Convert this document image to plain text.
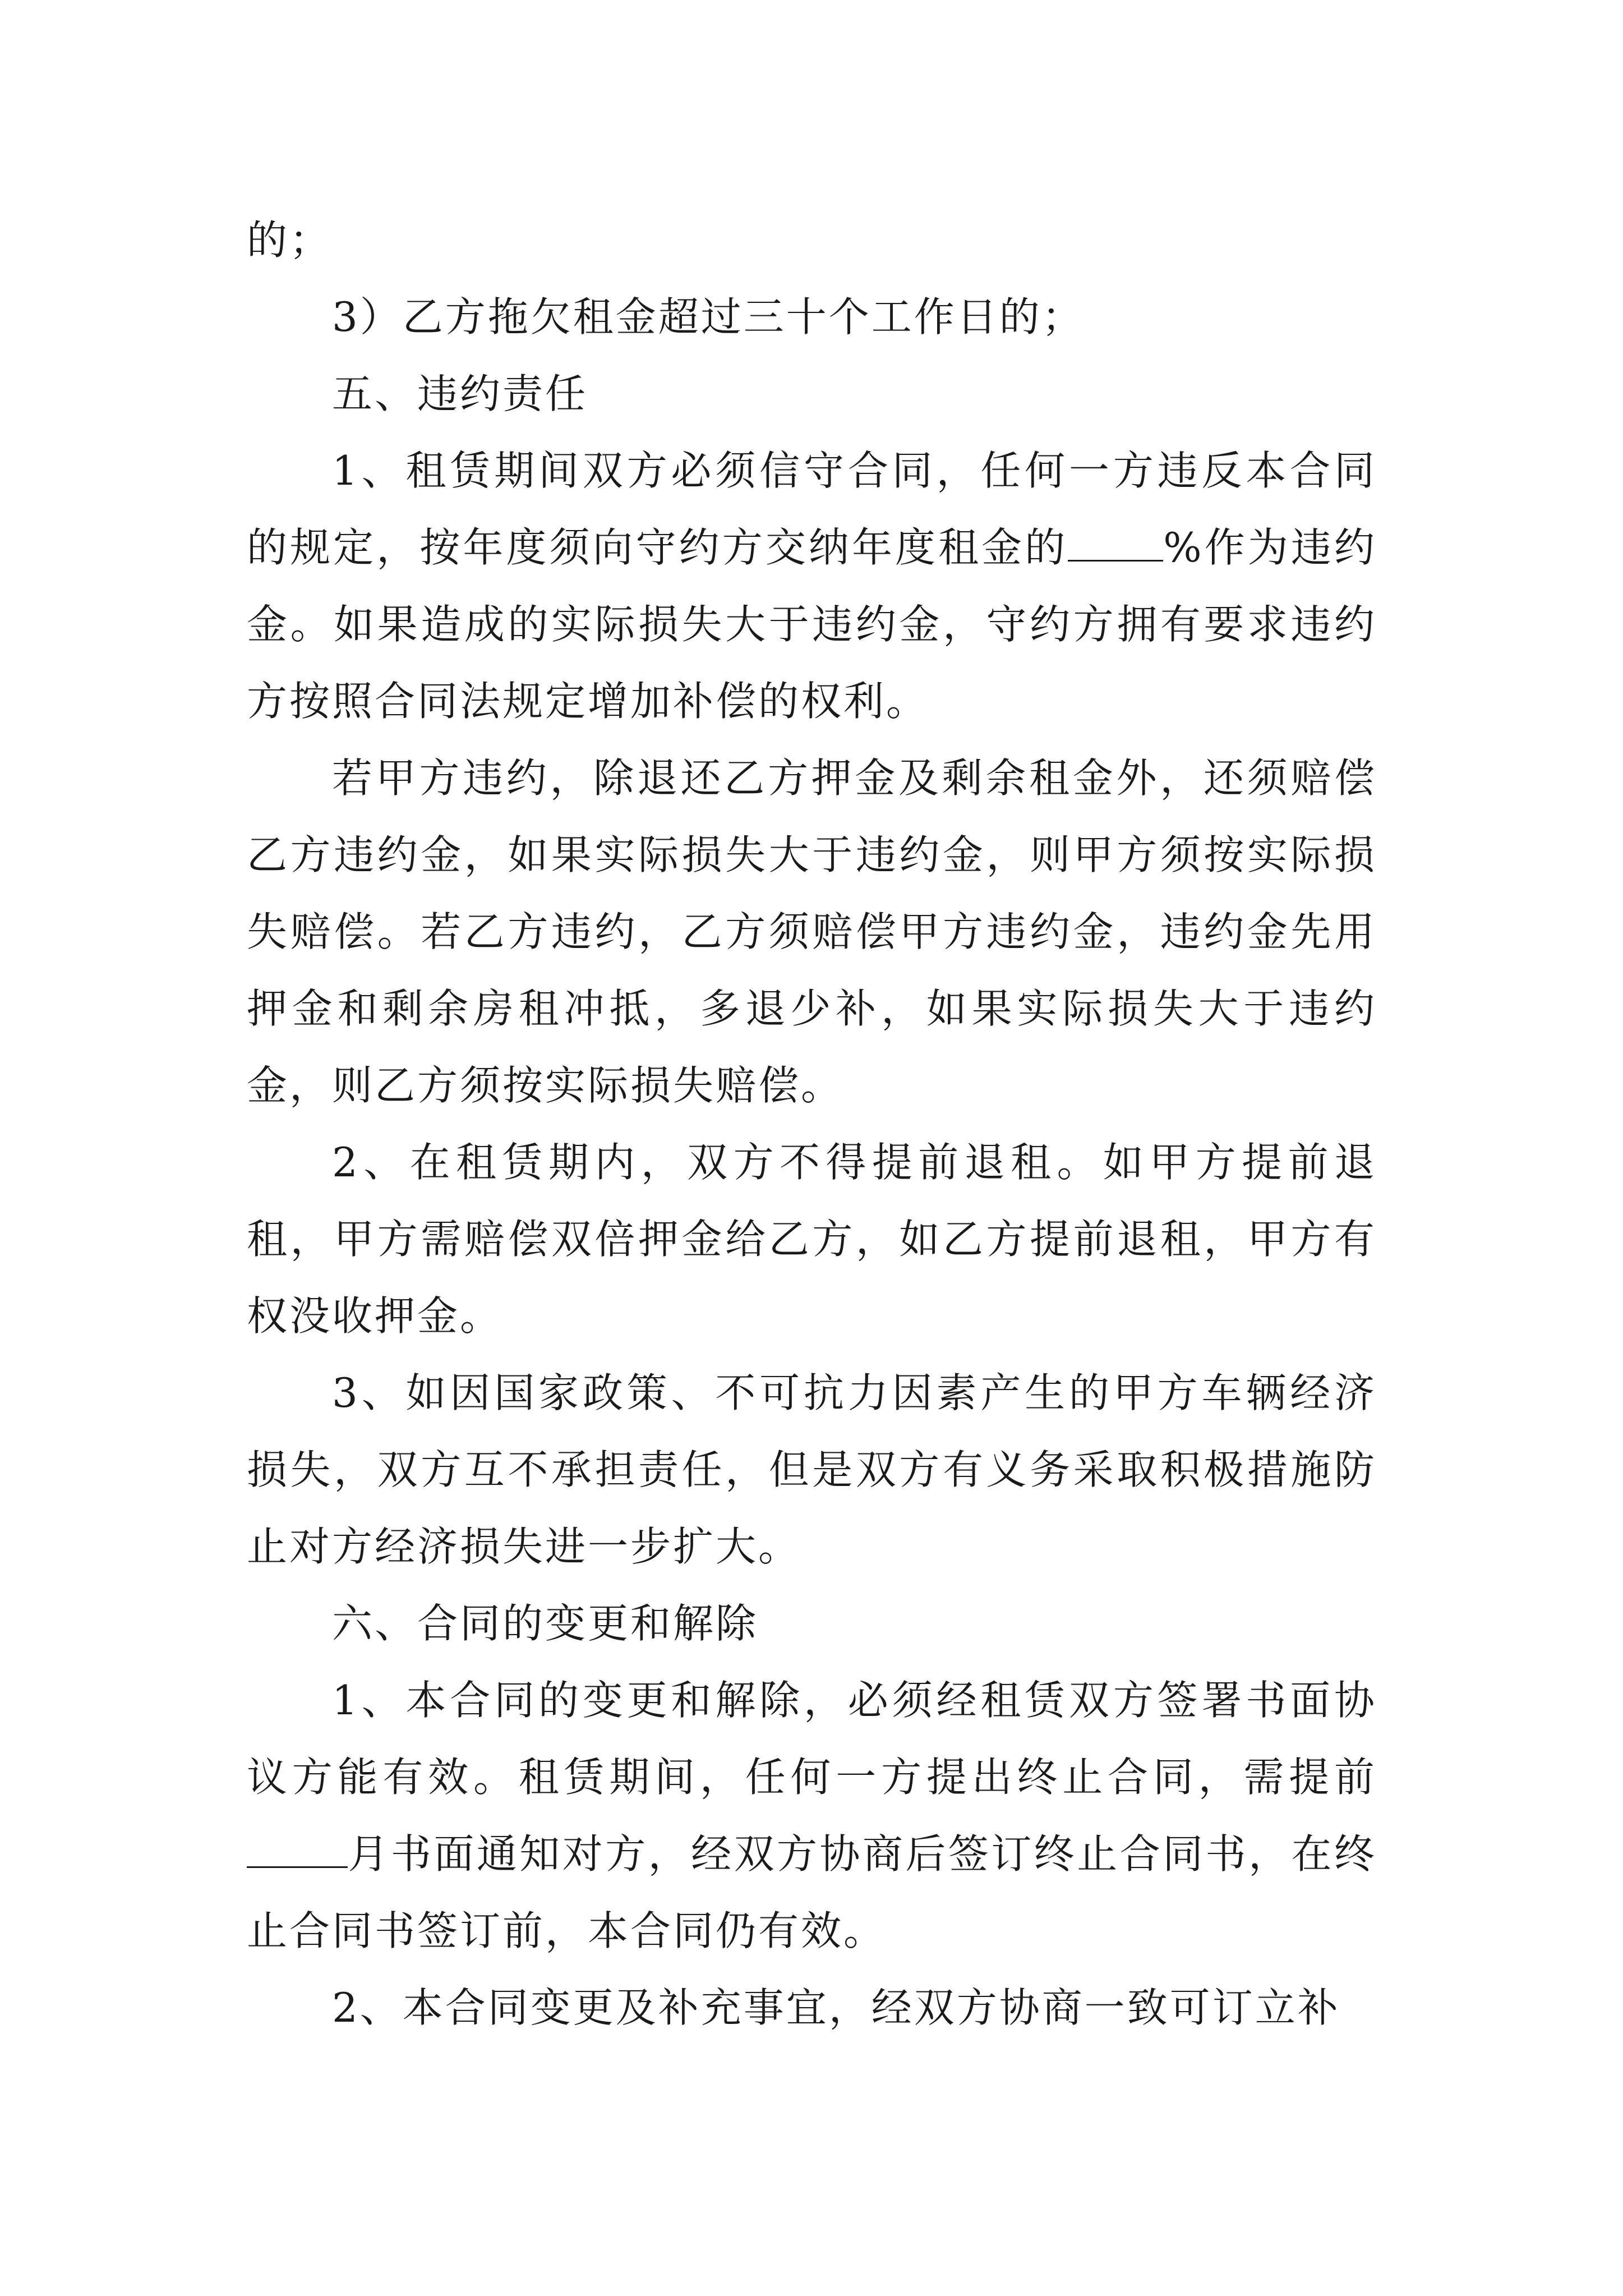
的；

3）乙方拖欠租金超过三十个工作日的；

五、违约责任

1、租赁期间双方必须信守合同，任何一方违反本合同的规定，按年度须向守约方交纳年度租金的 %作为违约金。如果造成的实际损失大于违约金，守约方拥有要求违约方按照合同法规定增加补偿的权利。

若甲方违约，除退还乙方押金及剩余租金外，还须赔偿乙方违约金，如果实际损失大于违约金，则甲方须按实际损失赔偿。若乙方违约，乙方须赔偿甲方违约金，违约金先用押金和剩余房租冲抵，多退少补，如果实际损失大于违约金，则乙方须按实际损失赔偿。

2、在租赁期内，双方不得提前退租。如甲方提前退租，甲方需赔偿双倍押金给乙方，如乙方提前退租，甲方有权没收押金。

3、如因国家政策、不可抗力因素产生的甲方车辆经济损失，双方互不承担责任，但是双方有义务采取积极措施防止对方经济损失进一步扩大。

六、合同的变更和解除

1、本合同的变更和解除，必须经租赁双方签署书面协议方能有效。租赁期间，任何一方提出终止合同，需提前月书面通知对方，经双方协商后签订终止合同书，在终止合同书签订前，本合同仍有效。

2、本合同变更及补充事宜，经双方协商一致可订立补
